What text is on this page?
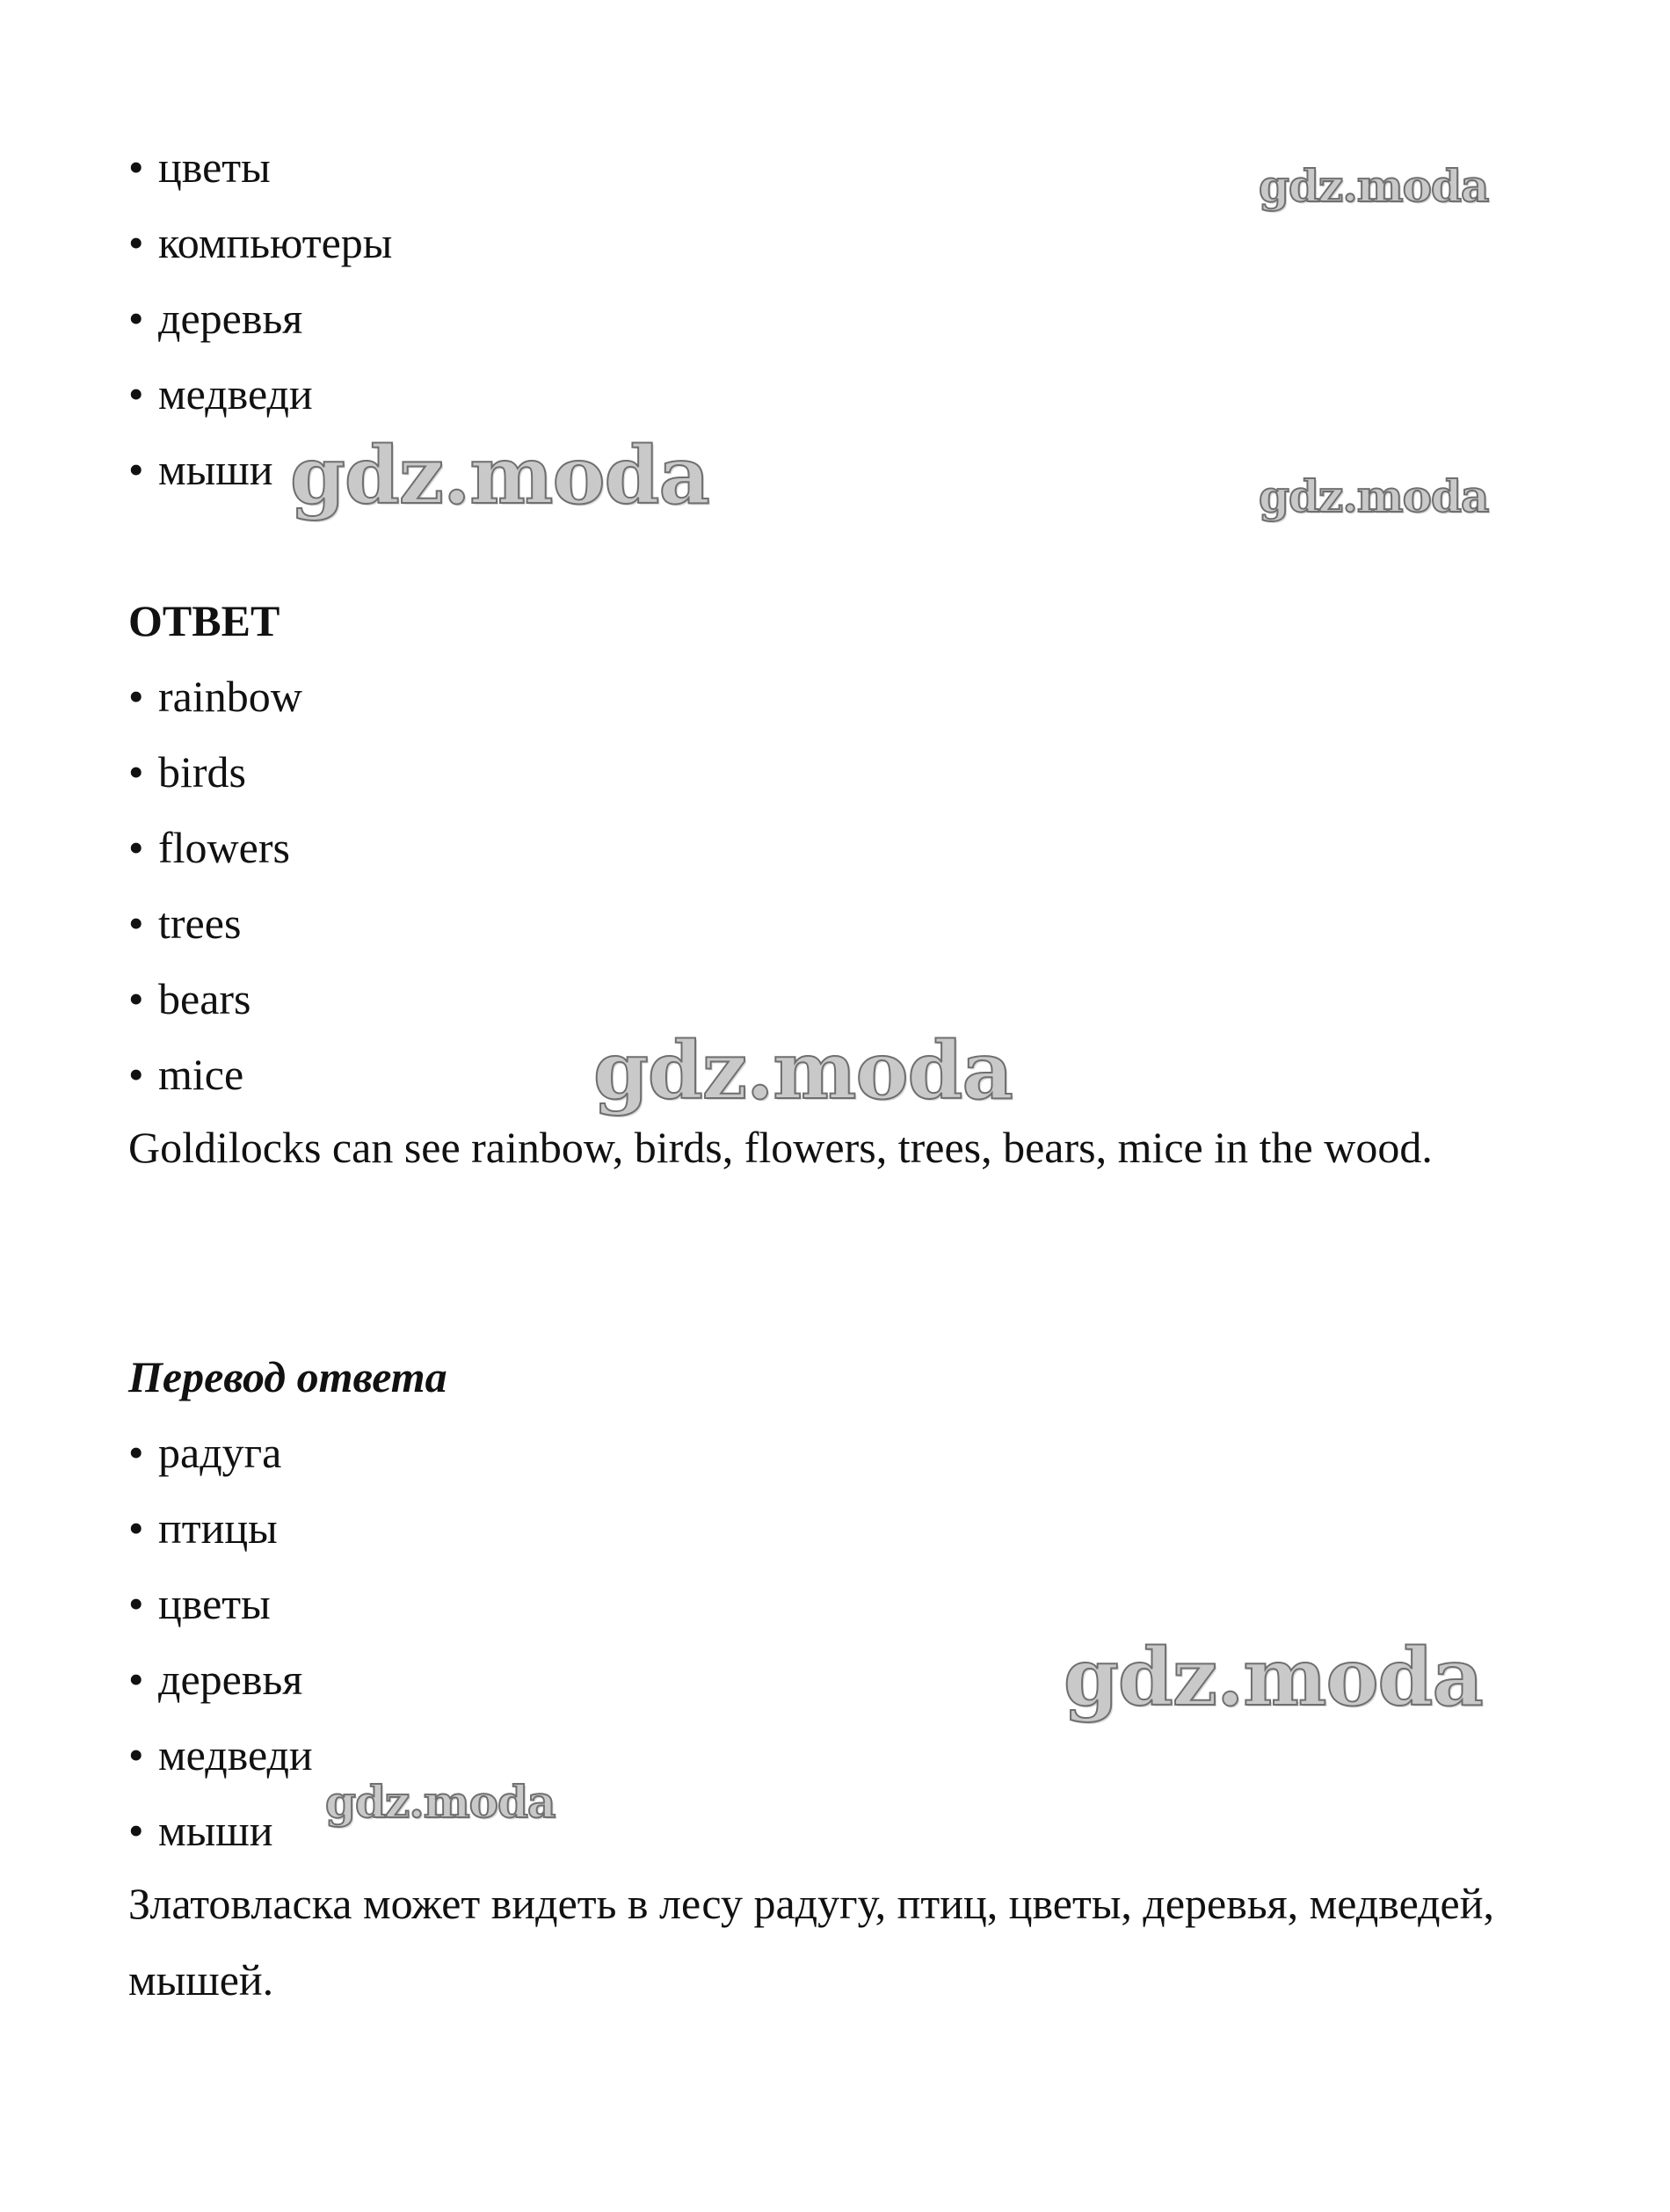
• цветы
• компьютеры
• деревья
• медведи
• мыши
ОТВЕТ
• rainbow
• birds
• flowers
• trees
• bears
• mice
Goldilocks can see rainbow, birds, flowers, trees, bears, mice in the wood.
Перевод ответа
• радуга
• птицы
• цветы
• деревья
• медведи
• мыши
Златовласка может видеть в лесу радугу, птиц, цветы, деревья, медведей, мышей.
gdz.moda
gdz.moda	gdz.moda
gdz.moda
gdz.moda
gdz.moda
